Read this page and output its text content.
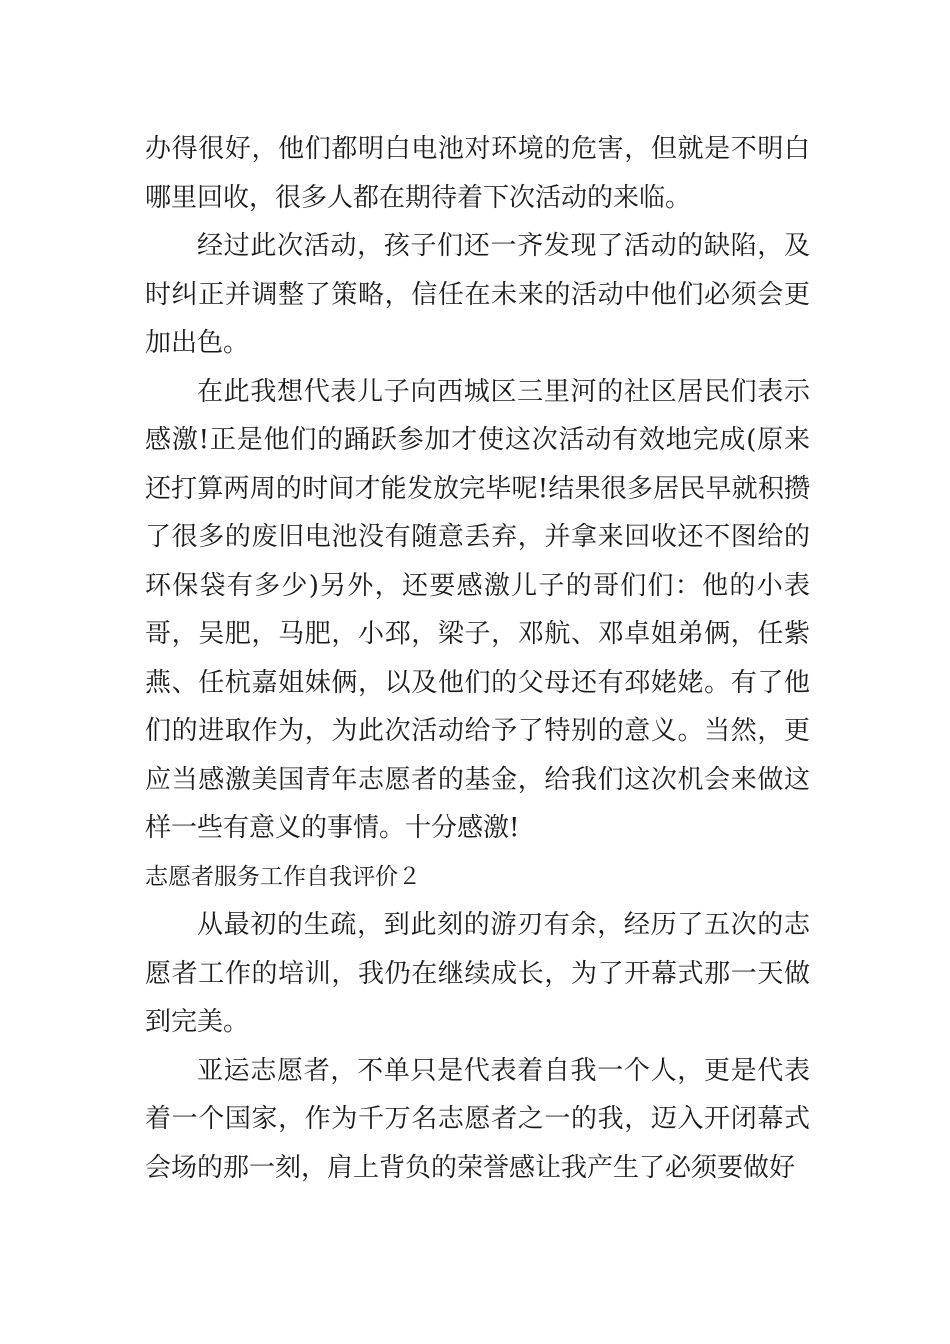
办得很好，他们都明白电池对环境的危害，但就是不明白哪里回收，很多人都在期待着下次活动的来临。

经过此次活动，孩子们还一齐发现了活动的缺陷，及时纠正并调整了策略，信任在未来的活动中他们必须会更加出色。

在此我想代表儿子向西城区三里河的社区居民们表示感激!正是他们的踊跃参加才使这次活动有效地完成(原来还打算两周的时间才能发放完毕呢!结果很多居民早就积攒了很多的废旧电池没有随意丢弃，并拿来回收还不图给的环保袋有多少)另外，还要感激儿子的哥们们：他的小表哥，吴肥，马肥，小邳，梁子，邓航、邓卓姐弟俩，任紫燕、任杭嘉姐妹俩，以及他们的父母还有邳姥姥。有了他们的进取作为，为此次活动给予了特别的意义。当然，更应当感激美国青年志愿者的基金，给我们这次机会来做这样一些有意义的事情。十分感激!

志愿者服务工作自我评价２

从最初的生疏，到此刻的游刃有余，经历了五次的志愿者工作的培训，我仍在继续成长，为了开幕式那一天做到完美。

亚运志愿者，不单只是代表着自我一个人，更是代表着一个国家，作为千万名志愿者之一的我，迈入开闭幕式会场的那一刻，肩上背负的荣誉感让我产生了必须要做好
